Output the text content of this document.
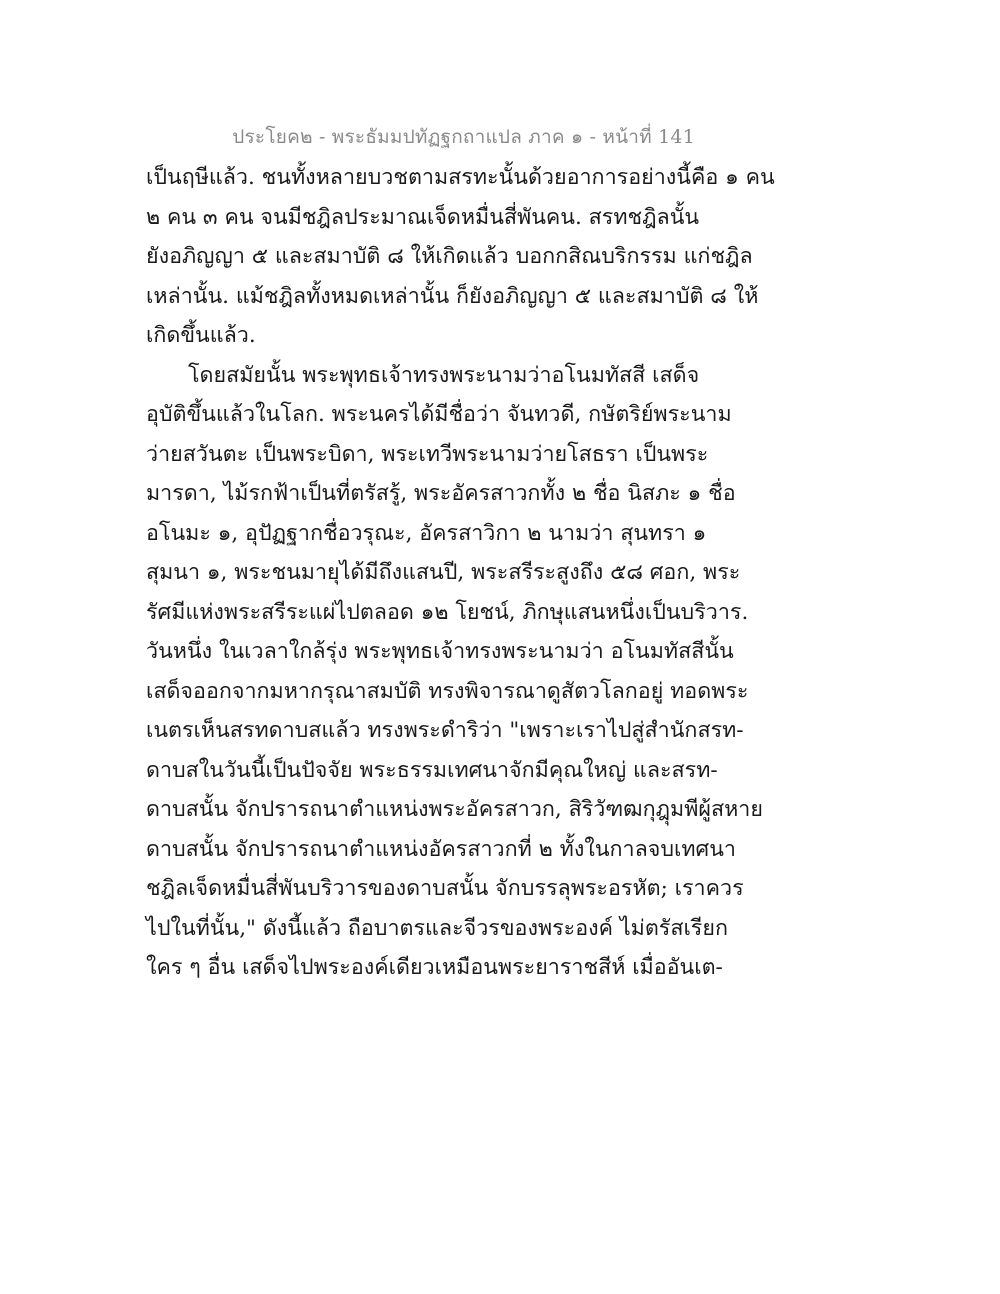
ประโยค๒ - พระธัมมปทัฏฐกถาแปล ภาค ๑ - หน้าที่ 141
เป็นฤษีแล้ว. ชนทั้งหลายบวชตามสรทะนั้นด้วยอาการอย่างนี้คือ ๑ คน
๒ คน ๓ คน จนมีชฎิลประมาณเจ็ดหมื่นสี่พันคน. สรทชฎิลนั้น
ยังอภิญญา ๕ และสมาบัติ ๘ ให้เกิดแล้ว บอกกสิณบริกรรม แก่ชฎิล
เหล่านั้น. แม้ชฎิลทั้งหมดเหล่านั้น ก็ยังอภิญญา ๕ และสมาบัติ ๘ ให้
เกิดขึ้นแล้ว.
โดยสมัยนั้น พระพุทธเจ้าทรงพระนามว่าอโนมทัสสี เสด็จ
อุบัติขึ้นแล้วในโลก. พระนครได้มีชื่อว่า จันทวดี, กษัตริย์พระนาม
ว่ายสวันตะ เป็นพระบิดา, พระเทวีพระนามว่ายโสธรา เป็นพระ
มารดา, ไม้รกฟ้าเป็นที่ตรัสรู้, พระอัครสาวกทั้ง ๒ ชื่อ นิสภะ ๑ ชื่อ
อโนมะ ๑, อุปัฏฐากชื่อวรุณะ, อัครสาวิกา ๒ นามว่า สุนทรา ๑
สุมนา ๑, พระชนมายุได้มีถึงแสนปี, พระสรีระสูงถึง ๕๘ ศอก, พระ
รัศมีแห่งพระสรีระแผ่ไปตลอด ๑๒ โยชน์, ภิกษุแสนหนึ่งเป็นบริวาร.
วันหนึ่ง ในเวลาใกล้รุ่ง พระพุทธเจ้าทรงพระนามว่า อโนมทัสสีนั้น
เสด็จออกจากมหากรุณาสมบัติ ทรงพิจารณาดูสัตวโลกอยู่ ทอดพระ
เนตรเห็นสรทดาบสแล้ว ทรงพระดำริว่า "เพราะเราไปสู่สำนักสรท-
ดาบสในวันนี้เป็นปัจจัย พระธรรมเทศนาจักมีคุณใหญ่ และสรท-
ดาบสนั้น จักปรารถนาตำแหน่งพระอัครสาวก, สิริวัฑฒกุฎุมพีผู้สหาย
ดาบสนั้น จักปรารถนาตำแหน่งอัครสาวกที่ ๒ ทั้งในกาลจบเทศนา
ชฎิลเจ็ดหมื่นสี่พันบริวารของดาบสนั้น จักบรรลุพระอรหัต; เราควร
ไปในที่นั้น," ดังนี้แล้ว ถือบาตรและจีวรของพระองค์ ไม่ตรัสเรียก
ใคร ๆ อื่น เสด็จไปพระองค์เดียวเหมือนพระยาราชสีห์ เมื่ออันเต-
